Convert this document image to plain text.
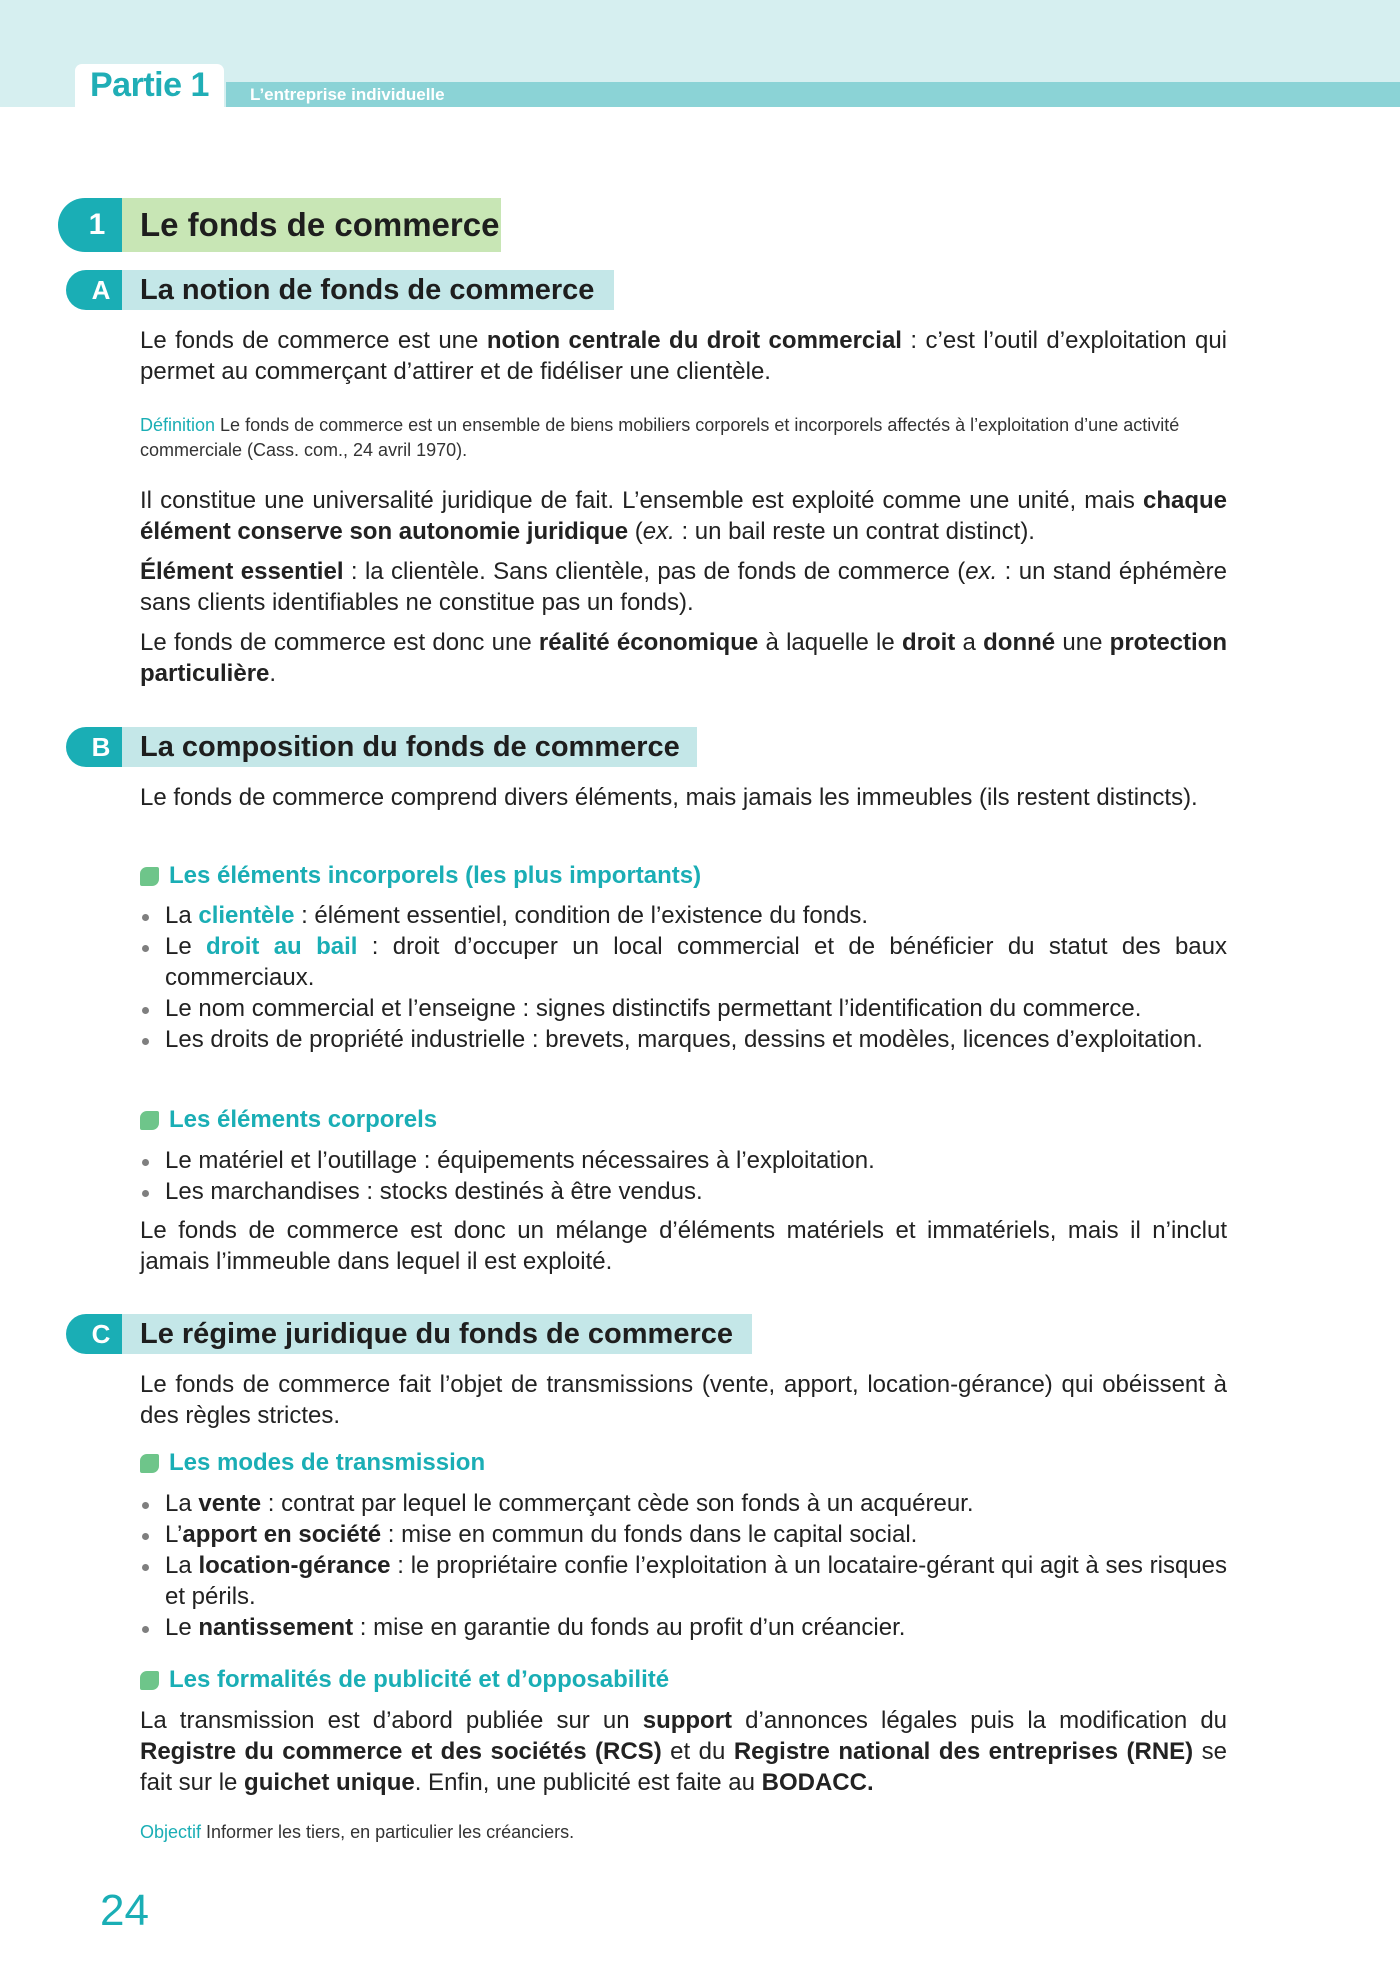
Partie 1 L’entreprise individuelle
1	Le fonds de commerce
A	La notion de fonds de commerce
Le fonds de commerce est une notion centrale du droit commercial : c’est l’outil d’exploitation qui permet au commerçant d’attirer et de fidéliser une clientèle.
Définition Le fonds de commerce est un ensemble de biens mobiliers corporels et incorporels affectés à l’exploitation d’une activité commerciale (Cass. com., 24 avril 1970).
Il constitue une universalité juridique de fait. L’ensemble est exploité comme une unité, mais chaque élément conserve son autonomie juridique (ex. : un bail reste un contrat distinct).
Élément essentiel : la clientèle. Sans clientèle, pas de fonds de commerce (ex. : un stand éphémère sans clients identifiables ne constitue pas un fonds).
Le fonds de commerce est donc une réalité économique à laquelle le droit a donné une protection particulière.
B	La composition du fonds de commerce
Le fonds de commerce comprend divers éléments, mais jamais les immeubles (ils restent distincts).
Les éléments incorporels (les plus importants)
La clientèle : élément essentiel, condition de l’existence du fonds.
Le droit au bail : droit d’occuper un local commercial et de bénéficier du statut des baux commerciaux.
Le nom commercial et l’enseigne : signes distinctifs permettant l’identification du commerce.
Les droits de propriété industrielle : brevets, marques, dessins et modèles, licences d’exploitation.
Les éléments corporels
Le matériel et l’outillage : équipements nécessaires à l’exploitation.
Les marchandises : stocks destinés à être vendus.
Le fonds de commerce est donc un mélange d’éléments matériels et immatériels, mais il n’inclut jamais l’immeuble dans lequel il est exploité.
C	Le régime juridique du fonds de commerce
Le fonds de commerce fait l’objet de transmissions (vente, apport, location-gérance) qui obéissent à des règles strictes.
Les modes de transmission
La vente : contrat par lequel le commerçant cède son fonds à un acquéreur.
L’apport en société : mise en commun du fonds dans le capital social.
La location-gérance : le propriétaire confie l’exploitation à un locataire-gérant qui agit à ses risques et périls.
Le nantissement : mise en garantie du fonds au profit d’un créancier.
Les formalités de publicité et d’opposabilité
La transmission est d’abord publiée sur un support d’annonces légales puis la modification du Registre du commerce et des sociétés (RCS) et du Registre national des entreprises (RNE) se fait sur le guichet unique. Enfin, une publicité est faite au BODACC.
Objectif Informer les tiers, en particulier les créanciers.
24
